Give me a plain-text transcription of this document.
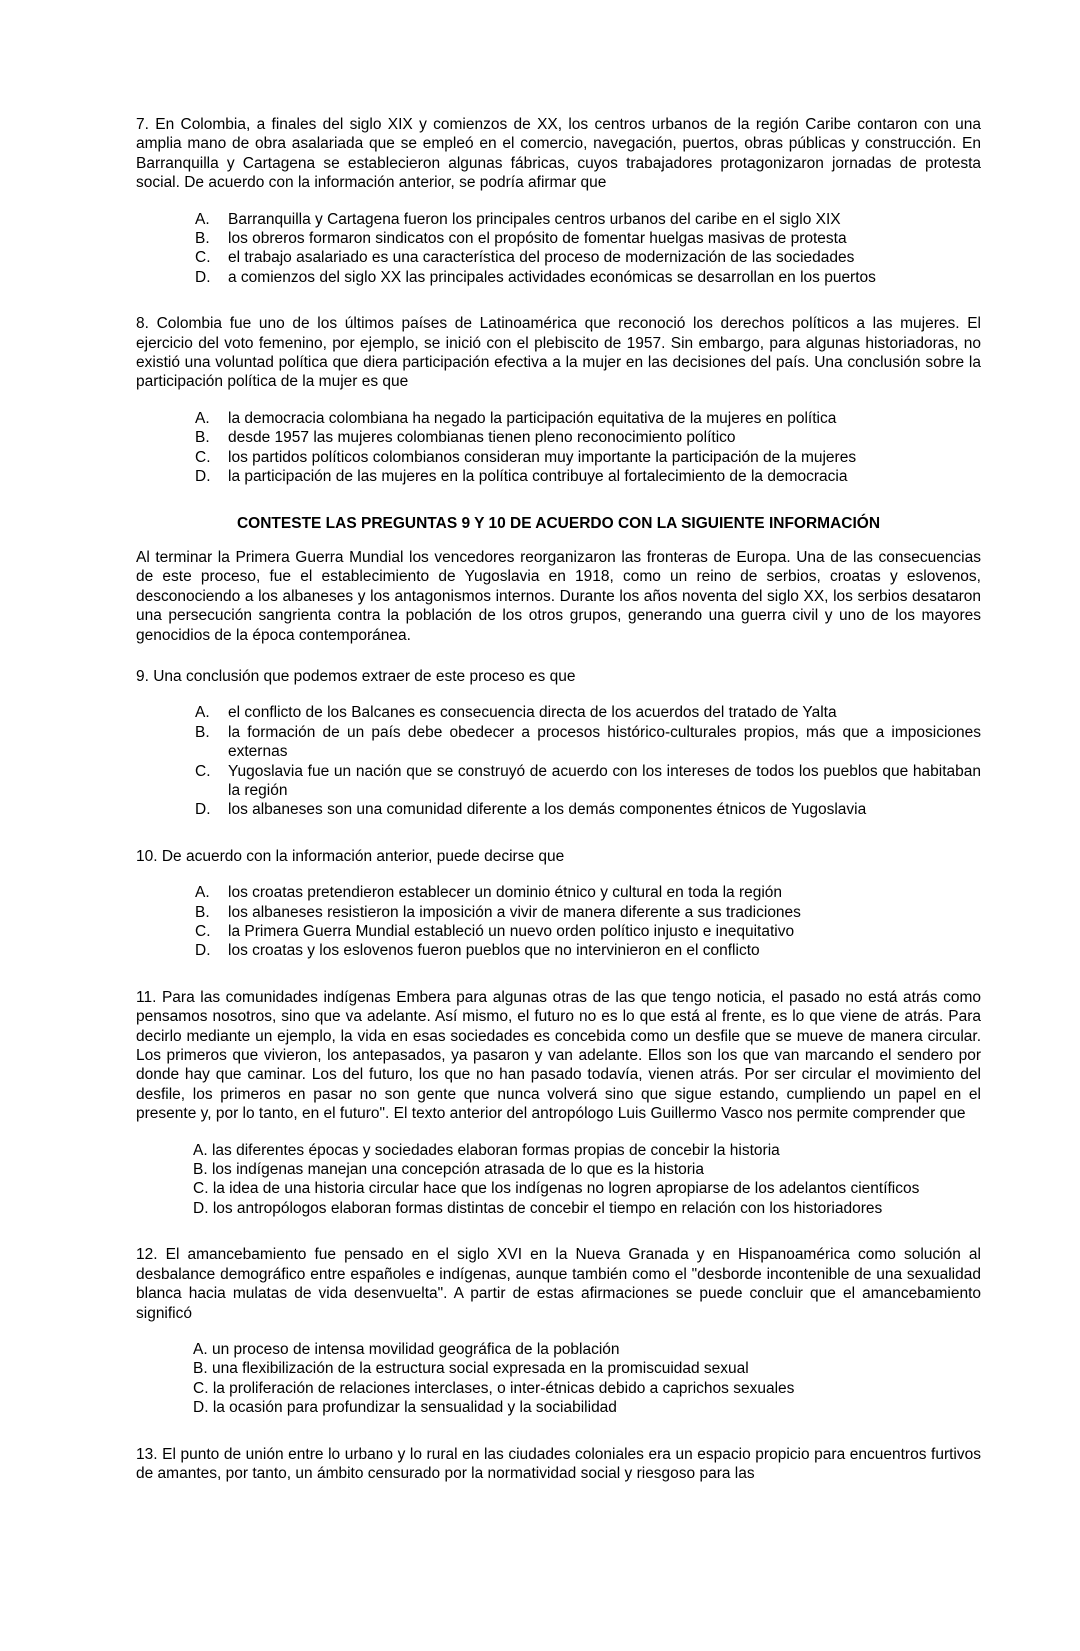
7. En Colombia, a finales del siglo XIX y comienzos de XX, los centros urbanos de la región Caribe contaron con una amplia mano de obra asalariada que se empleó en el comercio, navegación, puertos, obras públicas y construcción. En Barranquilla y Cartagena se establecieron algunas fábricas, cuyos trabajadores protagonizaron jornadas de protesta social. De acuerdo con la información anterior, se podría afirmar que

A.	Barranquilla y Cartagena fueron los principales centros urbanos del caribe en el siglo XIX
B.	los obreros formaron sindicatos con el propósito de fomentar huelgas masivas de protesta
C.	el trabajo asalariado es una característica del proceso de modernización de las sociedades
D.	a comienzos del siglo XX las principales actividades económicas se desarrollan en los puertos

8. Colombia fue uno de los últimos países de Latinoamérica que reconoció los derechos políticos a las mujeres. El ejercicio del voto femenino, por ejemplo, se inició con el plebiscito de 1957. Sin embargo, para algunas historiadoras, no existió una voluntad política que diera participación efectiva a la mujer en las decisiones del país. Una conclusión sobre la participación política de la mujer es que

A.	la democracia colombiana ha negado la participación equitativa de la mujeres en política
B.	desde 1957 las mujeres colombianas tienen pleno reconocimiento político
C.	los partidos políticos colombianos consideran muy importante la participación de la mujeres
D.	la participación de las mujeres en la política contribuye al fortalecimiento de la democracia
CONTESTE LAS PREGUNTAS 9 Y 10 DE ACUERDO CON LA SIGUIENTE INFORMACIÓN

Al terminar la Primera Guerra Mundial los vencedores reorganizaron las fronteras de Europa. Una de las consecuencias de este proceso, fue el establecimiento de Yugoslavia en 1918, como un reino de serbios, croatas y eslovenos, desconociendo a los albaneses y los antagonismos internos. Durante los años noventa del siglo XX, los serbios desataron una persecución sangrienta contra la población de los otros grupos, generando una guerra civil y uno de los mayores genocidios de la época contemporánea.

9. Una conclusión que podemos extraer de este proceso es que

A.	el conflicto de los Balcanes es consecuencia directa de los acuerdos del tratado de Yalta
B.	la formación de un país debe obedecer a procesos histórico-culturales propios, más que a imposiciones externas
C.	Yugoslavia fue un nación que se construyó de acuerdo con los intereses de todos los pueblos que habitaban la región
D.	los albaneses son una comunidad diferente a los demás componentes étnicos de Yugoslavia

10. De acuerdo con la información anterior, puede decirse que

A.	los croatas pretendieron establecer un dominio étnico y cultural en toda la región
B.	los albaneses resistieron la imposición a vivir de manera diferente a sus tradiciones
C.	la Primera Guerra Mundial estableció un nuevo orden político injusto e inequitativo
D.	los croatas y los eslovenos fueron pueblos que no intervinieron en el conflicto

11. Para las comunidades indígenas Embera para algunas otras de las que tengo noticia, el pasado no está atrás como pensamos nosotros, sino que va adelante. Así mismo, el futuro no es lo que está al frente, es lo que viene de atrás. Para decirlo mediante un ejemplo, la vida en esas sociedades es concebida como un desfile que se mueve de manera circular. Los primeros que vivieron, los antepasados, ya pasaron y van adelante. Ellos son los que van marcando el sendero por donde hay que caminar. Los del futuro, los que no han pasado todavía, vienen atrás. Por ser circular el movimiento del desfile, los primeros en pasar no son gente que nunca volverá sino que sigue estando, cumpliendo un papel en el presente y, por lo tanto, en el futuro". El texto anterior del antropólogo Luis Guillermo Vasco nos permite comprender que

A. las diferentes épocas y sociedades elaboran formas propias de concebir la historia
B. los indígenas manejan una concepción atrasada de lo que es la historia
C. la idea de una historia circular hace que los indígenas no logren apropiarse de los adelantos científicos
D. los antropólogos elaboran formas distintas de concebir el tiempo en relación con los historiadores

12. El amancebamiento fue pensado en el siglo XVI en la Nueva Granada y en Hispanoamérica como solución al desbalance demográfico entre españoles e indígenas, aunque también como el "desborde incontenible de una sexualidad blanca hacia mulatas de vida desenvuelta". A partir de estas afirmaciones se puede concluir que el amancebamiento significó

A. un proceso de intensa movilidad geográfica de la población
B. una flexibilización de la estructura social expresada en la promiscuidad sexual
C. la proliferación de relaciones interclases, o inter-étnicas debido a caprichos sexuales
D. la ocasión para profundizar la sensualidad y la sociabilidad

13. El punto de unión entre lo urbano y lo rural en las ciudades coloniales era un espacio propicio para encuentros furtivos de amantes, por tanto, un ámbito censurado por la normatividad social y riesgoso para las
